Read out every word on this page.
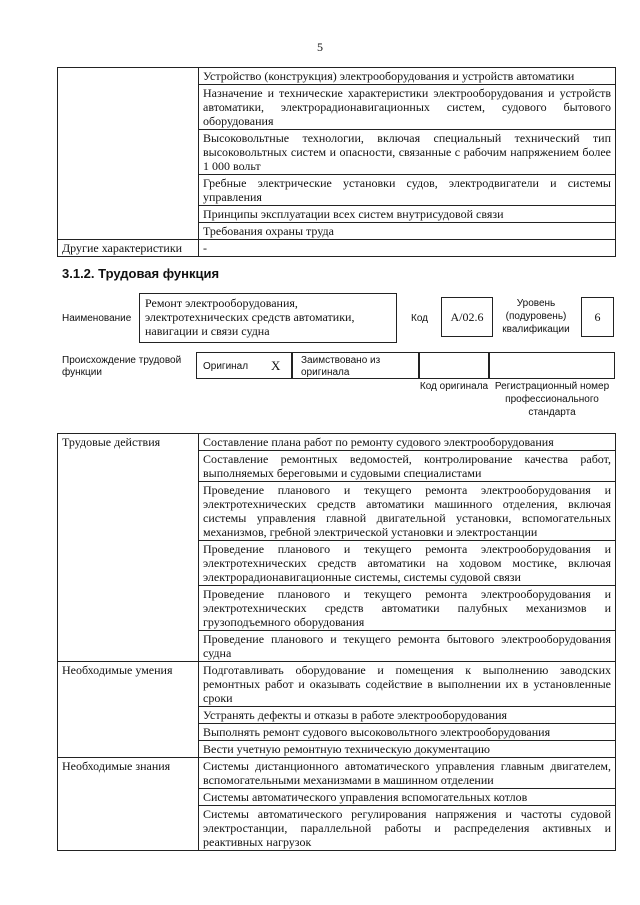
5
	Устройство (конструкция) электрооборудования и устройств автоматики
	Назначение и технические характеристики электрооборудования и устройств автоматики, электрорадионавигационных систем, судового бытового оборудования
	Высоковольтные технологии, включая специальный технический тип высоковольтных систем и опасности, связанные с рабочим напряжением более 1 000 вольт
	Гребные электрические установки судов, электродвигатели и системы управления
	Принципы эксплуатации всех систем внутрисудовой связи
	Требования охраны труда
Другие характеристики	-
3.1.2. Трудовая функция
Наименование
Ремонт электрооборудования, электротехнических средств автоматики, навигации и связи судна
Код	A/02.6
Уровень (подуровень) квалификации
6
Происхождение трудовой функции
Оригинал X Заимствовано из оригинала
Код оригинала Регистрационный номер профессионального стандарта
Трудовые действия	Составление плана работ по ремонту судового электрооборудования
	Составление ремонтных ведомостей, контролирование качества работ, выполняемых береговыми и судовыми специалистами
	Проведение планового и текущего ремонта электрооборудования и электротехнических средств автоматики машинного отделения, включая системы управления главной двигательной установки, вспомогательных механизмов, гребной электрической установки и электростанции
	Проведение планового и текущего ремонта электрооборудования и электротехнических средств автоматики на ходовом мостике, включая электрорадионавигационные системы, системы судовой связи
	Проведение планового и текущего ремонта электрооборудования и электротехнических средств автоматики палубных механизмов и грузоподъемного оборудования
	Проведение планового и текущего ремонта бытового электрооборудования судна
Необходимые умения	Подготавливать оборудование и помещения к выполнению заводских ремонтных работ и оказывать содействие в выполнении их в установленные сроки
	Устранять дефекты и отказы в работе электрооборудования
	Выполнять ремонт судового высоковольтного электрооборудования
	Вести учетную ремонтную техническую документацию
Необходимые знания	Системы дистанционного автоматического управления главным двигателем, вспомогательными механизмами в машинном отделении
	Системы автоматического управления вспомогательных котлов
	Системы автоматического регулирования напряжения и частоты судовой электростанции, параллельной работы и распределения активных и реактивных нагрузок
